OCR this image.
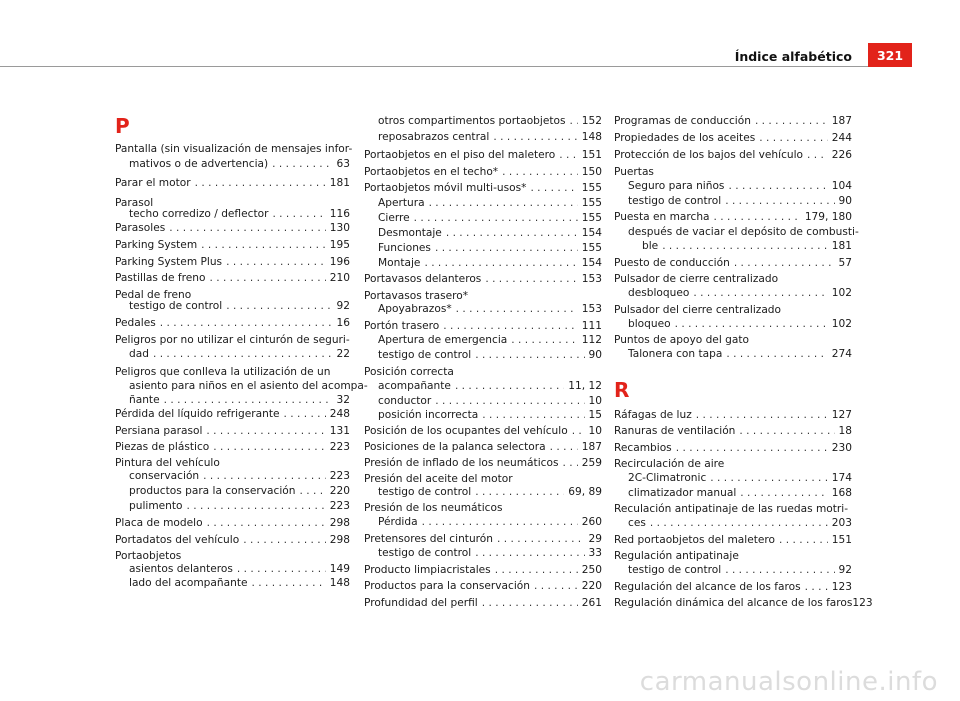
Índice alfabético	321
P
Pantalla (sin visualización de mensajes infor-
mativos o de advertencia) . . .	63
Parar el motor . . .	181
Parasol
techo corredizo / deflector . . .	116
Parasoles . . .	130
Parking System . . .	195
Parking System Plus . . .	196
Pastillas de freno . . .	210
Pedal de freno
testigo de control . . .	92
Pedales . . .	16
Peligros por no utilizar el cinturón de seguri-
dad . . .	22
Peligros que conlleva la utilización de un
asiento para niños en el asiento del acompa-
ñante . . .	32
Pérdida del líquido refrigerante . . .	248
Persiana parasol . . .	131
Piezas de plástico . . .	223
Pintura del vehículo
conservación . . .	223
productos para la conservación . . .	220
pulimento . . .	223
Placa de modelo . . .	298
Portadatos del vehículo . . .	298
Portaobjetos
asientos delanteros . . .	149
lado del acompañante . . .	148
otros compartimentos portaobjetos . . . 152
reposabrazos central . . .	148
Portaobjetos en el piso del maletero . . .	151
Portaobjetos en el techo* . . .	150
Portaobjetos móvil multi-usos* . . .	155
Apertura . . .	155
Cierre . . .	155
Desmontaje . . .	154
Funciones . . .	155
Montaje . . .	154
Portavasos delanteros . . .	153
Portavasos trasero*
Apoyabrazos* . . .	153
Portón trasero . . .	111
Apertura de emergencia . . .	112
testigo de control . . .	90
Posición correcta
acompañante . . .	11, 12
conductor . . .	10
posición incorrecta . . .	15
Posición de los ocupantes del vehículo . . . 10
Posiciones de la palanca selectora . . .	187
Presión de inflado de los neumáticos . . . 259
Presión del aceite del motor
testigo de control . . .	69, 89
Presión de los neumáticos
Pérdida . . .	260
Pretensores del cinturón . . .	29
testigo de control . . .	33
Producto limpiacristales . . .	250
Productos para la conservación . . .	220
Profundidad del perfil . . .	261
Programas de conducción . . .	187
Propiedades de los aceites . . .	244
Protección de los bajos del vehículo . . .	226
Puertas
Seguro para niños . . .	104
testigo de control . . .	90
Puesta en marcha . . .	179, 180
después de vaciar el depósito de combusti-
ble . . .	181
Puesto de conducción . . .	57
Pulsador de cierre centralizado
desbloqueo . . .	102
Pulsador del cierre centralizado
bloqueo . . .	102
Puntos de apoyo del gato
Talonera con tapa . . .	274
R
Ráfagas de luz . . .	127
Ranuras de ventilación . . .	18
Recambios . . .	230
Recirculación de aire
2C-Climatronic . . .	174
climatizador manual . . .	168
Reculación antipatinaje de las ruedas motri-
ces . . .	203
Red portaobjetos del maletero . . .	151
Regulación antipatinaje
testigo de control . . .	92
Regulación del alcance de los faros . . .	123
Regulación dinámica del alcance de los faros 123
carmanualsonline.info
